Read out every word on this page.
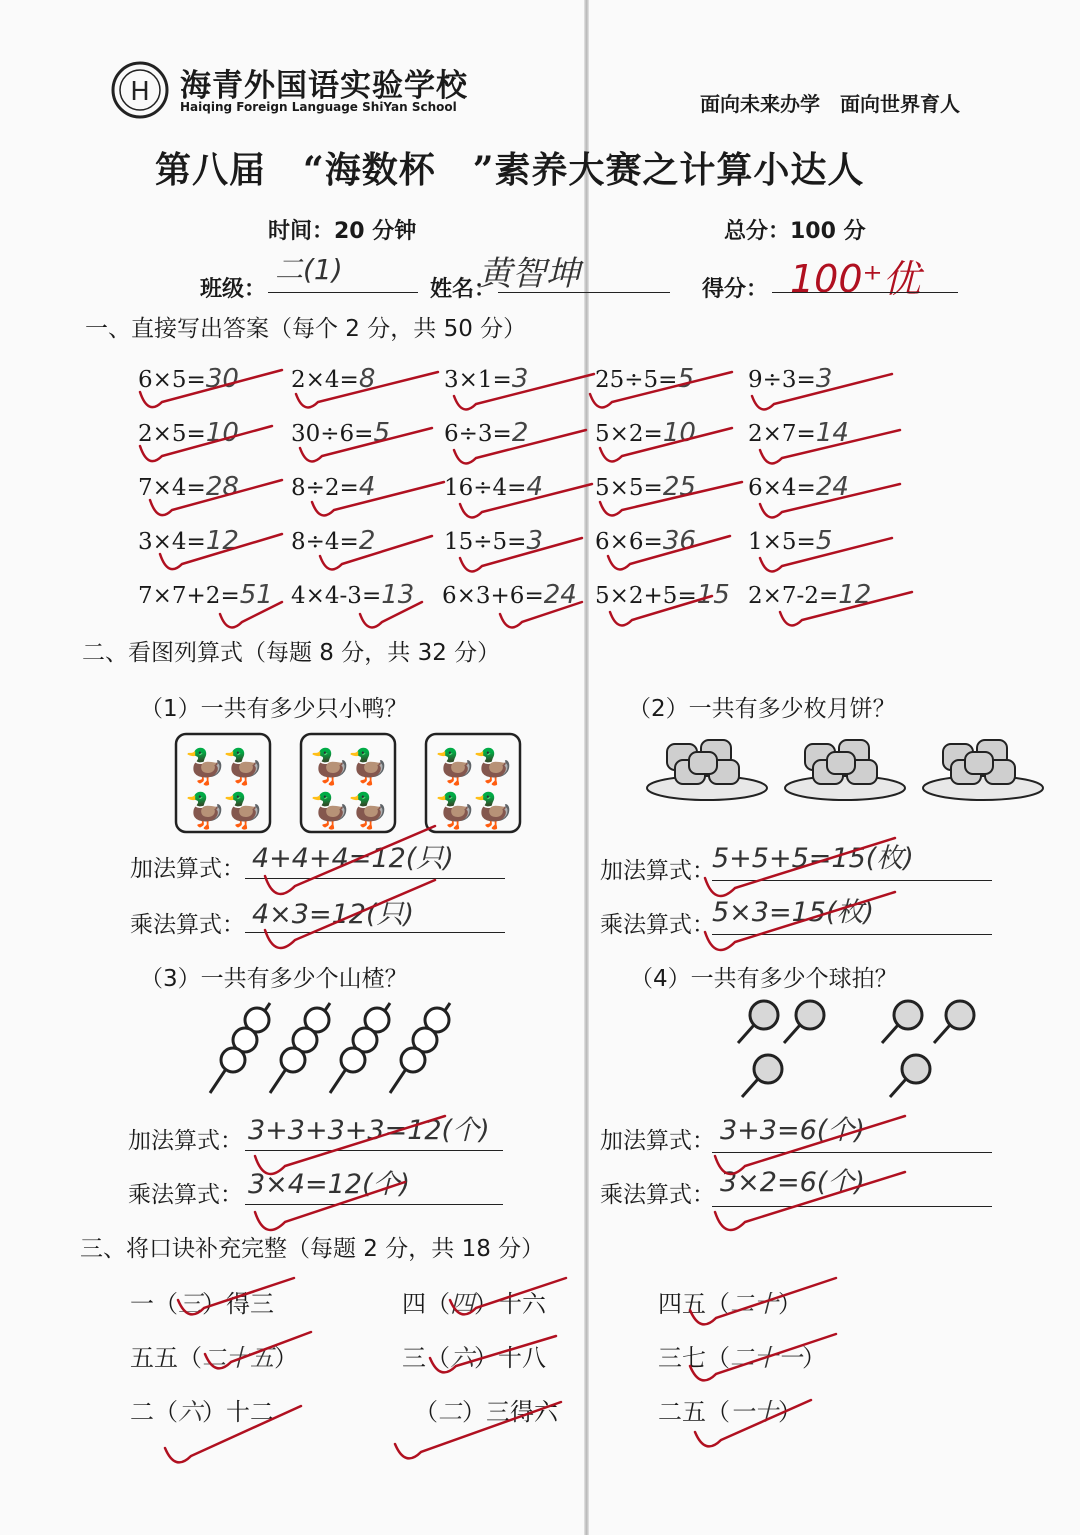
H 海青外国语实验学校
Haiqing Foreign Language ShiYan School	面向未来办学　面向世界育人
第八届　“海数杯　”素养大赛之计算小达人
时间：20 分钟	总分：100 分
班级：
二(1)
姓名：
黄智坤	得分： 100⁺优
一、直接写出答案（每个 2 分，共 50 分）
6×5=30 2×4=8	3×1=3	25÷5=5 9÷3=3
2×5=10 30÷6=5 6÷3=2	5×2=10 2×7=14
7×4=28 8÷2=4	16÷4=4 5×5=25 6×4=24
3×4=12 8÷4=2	15÷5=3 6×6=36 1×5=5
7×7+2=51 4×4-3=13 6×3+6=24 5×2+5=15 2×7-2=12
二、看图列算式（每题 8 分，共 32 分）
（1）一共有多少只小鸭？	（2）一共有多少枚月饼？
🦆
🦆
🦆
🦆
🦆
🦆
🦆
🦆
🦆
🦆
🦆
🦆
加法算式： 4+4+4=12(只)
乘法算式： 4×3=12(只)
加法算式：
5+5+5=15(枚)
乘法算式：
5×3=15(枚)
（3）一共有多少个山楂？	（4）一共有多少个球拍？
加法算式： 3+3+3+3=12(个)
乘法算式： 3×4=12(个)
加法算式： 3+3=6(个)
乘法算式： 3×2=6(个)
三、将口诀补充完整（每题 2 分，共 18 分）
一（三）得三	四（四）十六	四五（二十）
五五（二十五）	三（六）十八	三七（二十一）
二（六）十二	（二）三得六	二五（一十）
